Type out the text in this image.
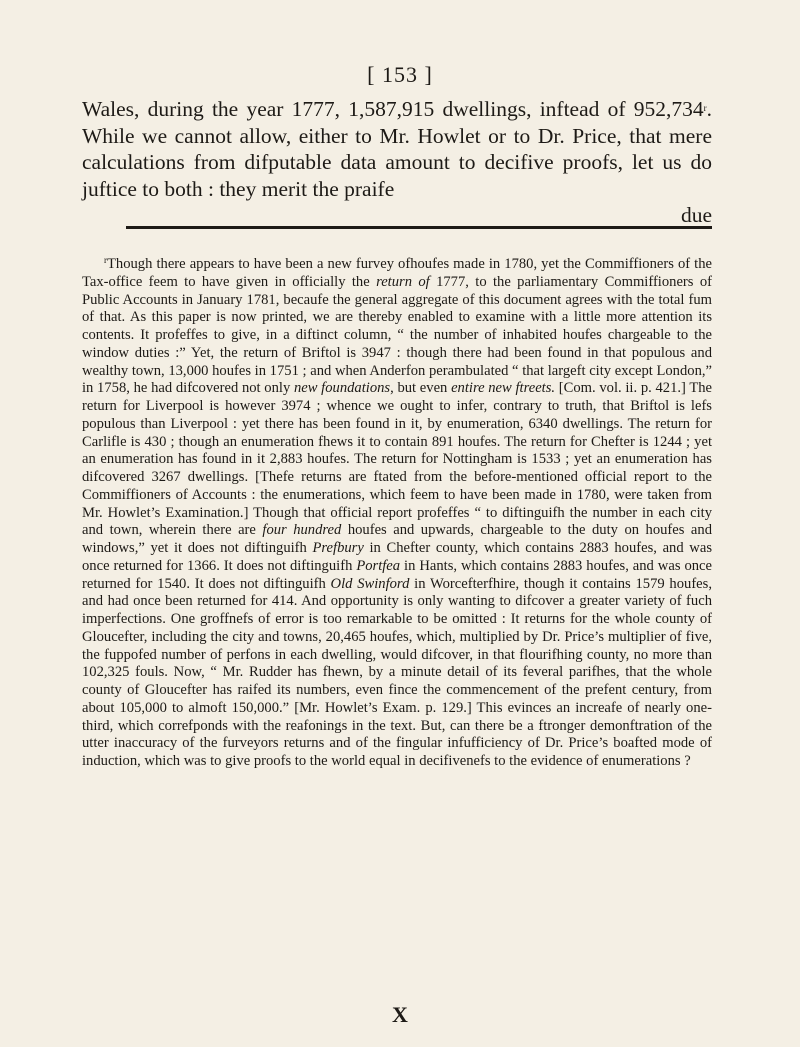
[ 153 ]
Wales, during the year 1777, 1,587,915 dwellings, inftead of 952,734$^r$. While we cannot allow, either to Mr. Howlet or to Dr. Price, that mere calculations from difputable data amount to decifive proofs, let us do juftice to both : they merit the praife
due
$^r$Though there appears to have been a new furvey ofhoufes made in 1780, yet the Commiffioners of the Tax-office feem to have given in officially the return of 1777, to the parliamentary Commiffioners of Public Accounts in January 1781, becaufe the general aggregate of this document agrees with the total fum of that. As this paper is now printed, we are thereby enabled to examine with a little more attention its contents. It profeffes to give, in a diftinct column, “ the number of inhabited houfes chargeable to the window duties :” Yet, the return of Briftol is 3947 : though there had been found in that populous and wealthy town, 13,000 houfes in 1751 ; and when Anderfon perambulated “ that largeft city except London,” in 1758, he had difcovered not only new foundations, but even entire new ftreets. [Com. vol. ii. p. 421.] The return for Liverpool is however 3974 ; whence we ought to infer, contrary to truth, that Briftol is lefs populous than Liverpool : yet there has been found in it, by enumeration, 6340 dwellings. The return for Carlifle is 430 ; though an enumeration fhews it to contain 891 houfes. The return for Chefter is 1244 ; yet an enumeration has found in it 2,883 houfes. The return for Nottingham is 1533 ; yet an enumeration has difcovered 3267 dwellings. [Thefe returns are ftated from the before-mentioned official report to the Commiffioners of Accounts : the enumerations, which feem to have been made in 1780, were taken from Mr. Howlet’s Examination.] Though that official report profeffes “ to diftinguifh the number in each city and town, wherein there are four hundred houfes and upwards, chargeable to the duty on houfes and windows,” yet it does not diftinguifh Prefbury in Chefter county, which contains 2883 houfes, and was once returned for 1366. It does not diftinguifh Portfea in Hants, which contains 2883 houfes, and was once returned for 1540. It does not diftinguifh Old Swinford in Worcefterfhire, though it contains 1579 houfes, and had once been returned for 414. And opportunity is only wanting to difcover a greater variety of fuch imperfections. One groffnefs of error is too remarkable to be omitted : It returns for the whole county of Gloucefter, including the city and towns, 20,465 houfes, which, multiplied by Dr. Price’s multiplier of five, the fuppofed number of perfons in each dwelling, would difcover, in that flourifhing county, no more than 102,325 fouls. Now, “ Mr. Rudder has fhewn, by a minute detail of its feveral parifhes, that the whole county of Gloucefter has raifed its numbers, even fince the commencement of the prefent century, from about 105,000 to almoft 150,000.” [Mr. Howlet’s Exam. p. 129.] This evinces an increafe of nearly one-third, which correfponds with the reafonings in the text. But, can there be a ftronger demonftration of the utter inaccuracy of the furveyors returns and of the fingular infufficiency of Dr. Price’s boafted mode of induction, which was to give proofs to the world equal in decifivenefs to the evidence of enumerations ?
X
